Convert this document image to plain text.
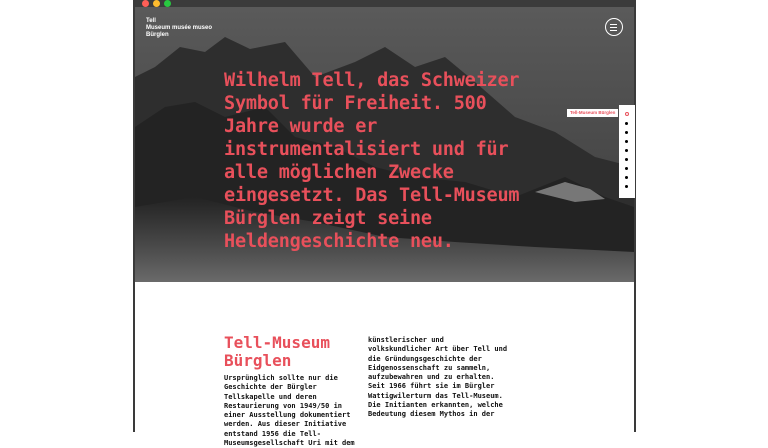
Tell
Museum musée museo
Bürglen
Wilhelm Tell, das Schweizer Symbol für Freiheit. 500 Jahre wurde er instrumentalisiert und für alle möglichen Zwecke eingesetzt. Das Tell-Museum Bürglen zeigt seine Heldengeschichte neu.
Tell-Museum Bürglen
Tell-Museum Bürglen
Ursprünglich sollte nur die Geschichte der Bürgler Tellskapelle und deren Restaurierung von 1949/50 in einer Ausstellung dokumentiert werden. Aus dieser Initiative entstand 1956 die Tell-Museumsgesellschaft Uri mit dem
künstlerischer und volkskundlicher Art über Tell und die Gründungsgeschichte der Eidgenossenschaft zu sammeln, aufzubewahren und zu erhalten. Seit 1966 führt sie im Bürgler Wattigwilerturm das Tell-Museum. Die Initianten erkannten, welche Bedeutung diesem Mythos in der
